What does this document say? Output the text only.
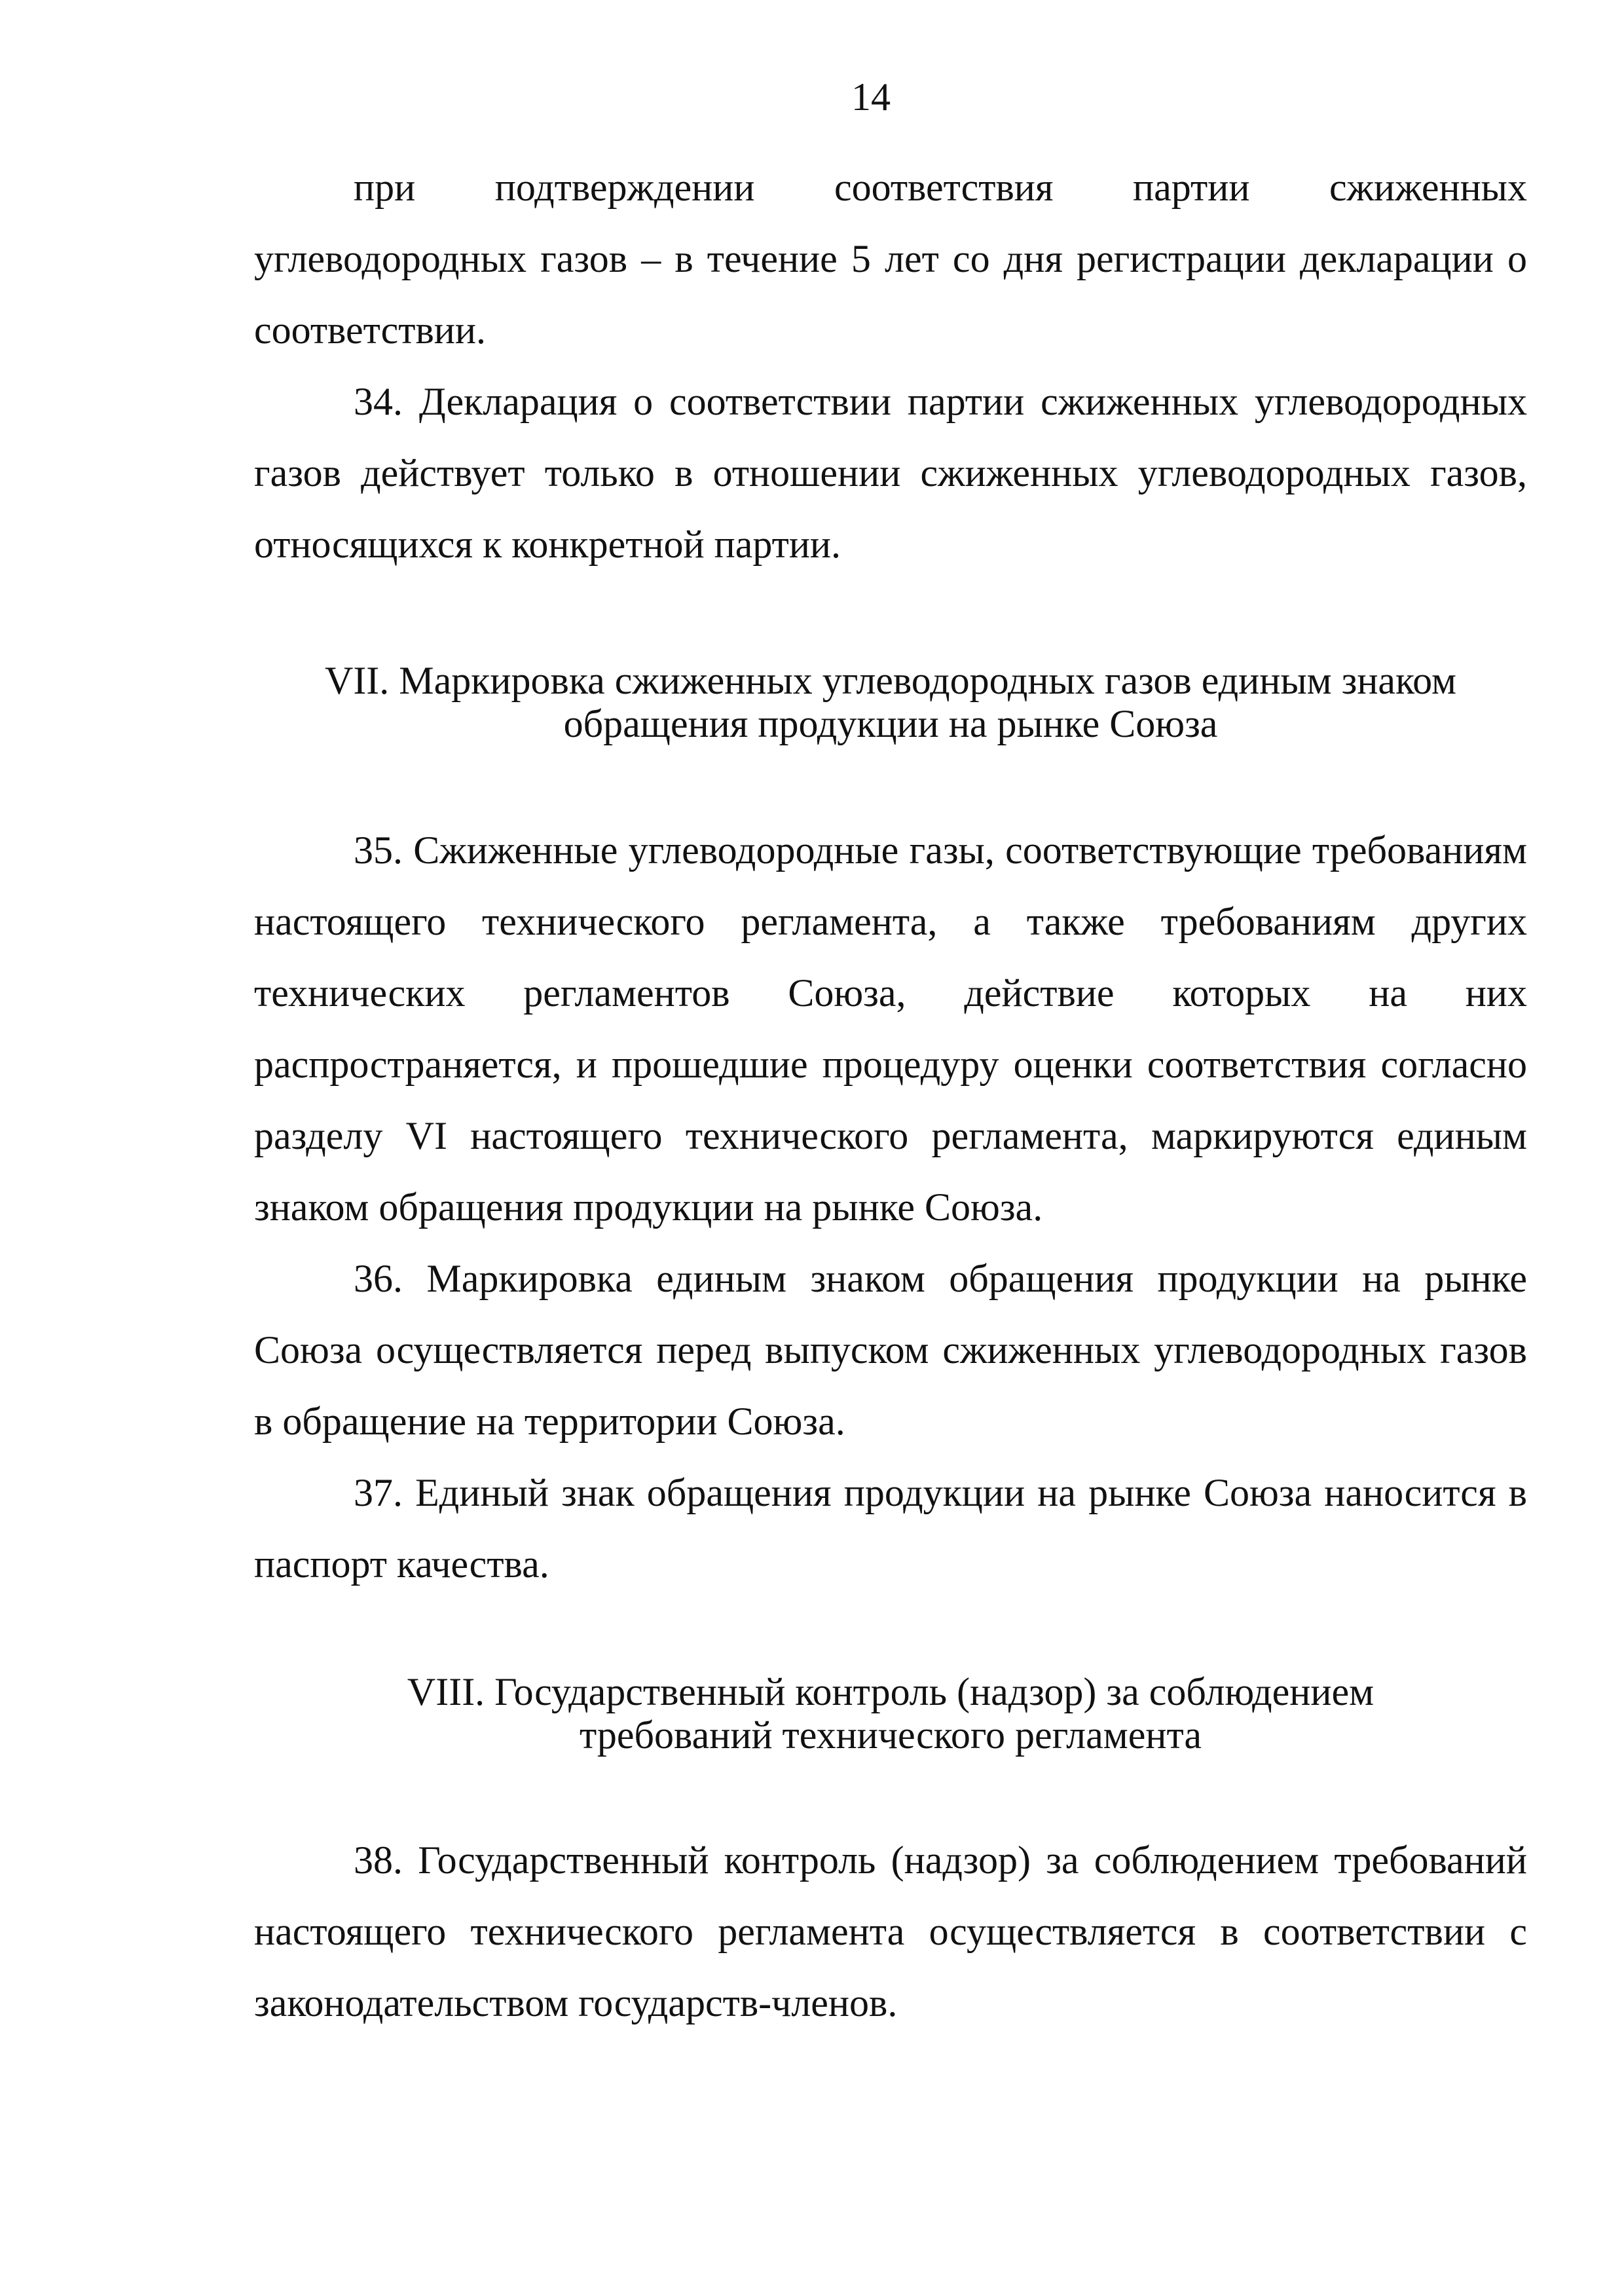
14

при подтверждении соответствия партии сжиженных углеводородных газов – в течение 5 лет со дня регистрации декларации о соответствии.

34. Декларация о соответствии партии сжиженных углеводородных газов действует только в отношении сжиженных углеводородных газов, относящихся к конкретной партии.

VII. Маркировка сжиженных углеводородных газов единым знаком
обращения продукции на рынке Союза

35. Сжиженные углеводородные газы, соответствующие требованиям настоящего технического регламента, а также требованиям других технических регламентов Союза, действие которых на них распространяется, и прошедшие процедуру оценки соответствия согласно разделу VI настоящего технического регламента, маркируются единым знаком обращения продукции на рынке Союза.

36. Маркировка единым знаком обращения продукции на рынке Союза осуществляется перед выпуском сжиженных углеводородных газов в обращение на территории Союза.

37. Единый знак обращения продукции на рынке Союза наносится в паспорт качества.

VIII. Государственный контроль (надзор) за соблюдением
требований технического регламента

38. Государственный контроль (надзор) за соблюдением требований настоящего технического регламента осуществляется в соответствии с законодательством государств-членов.
